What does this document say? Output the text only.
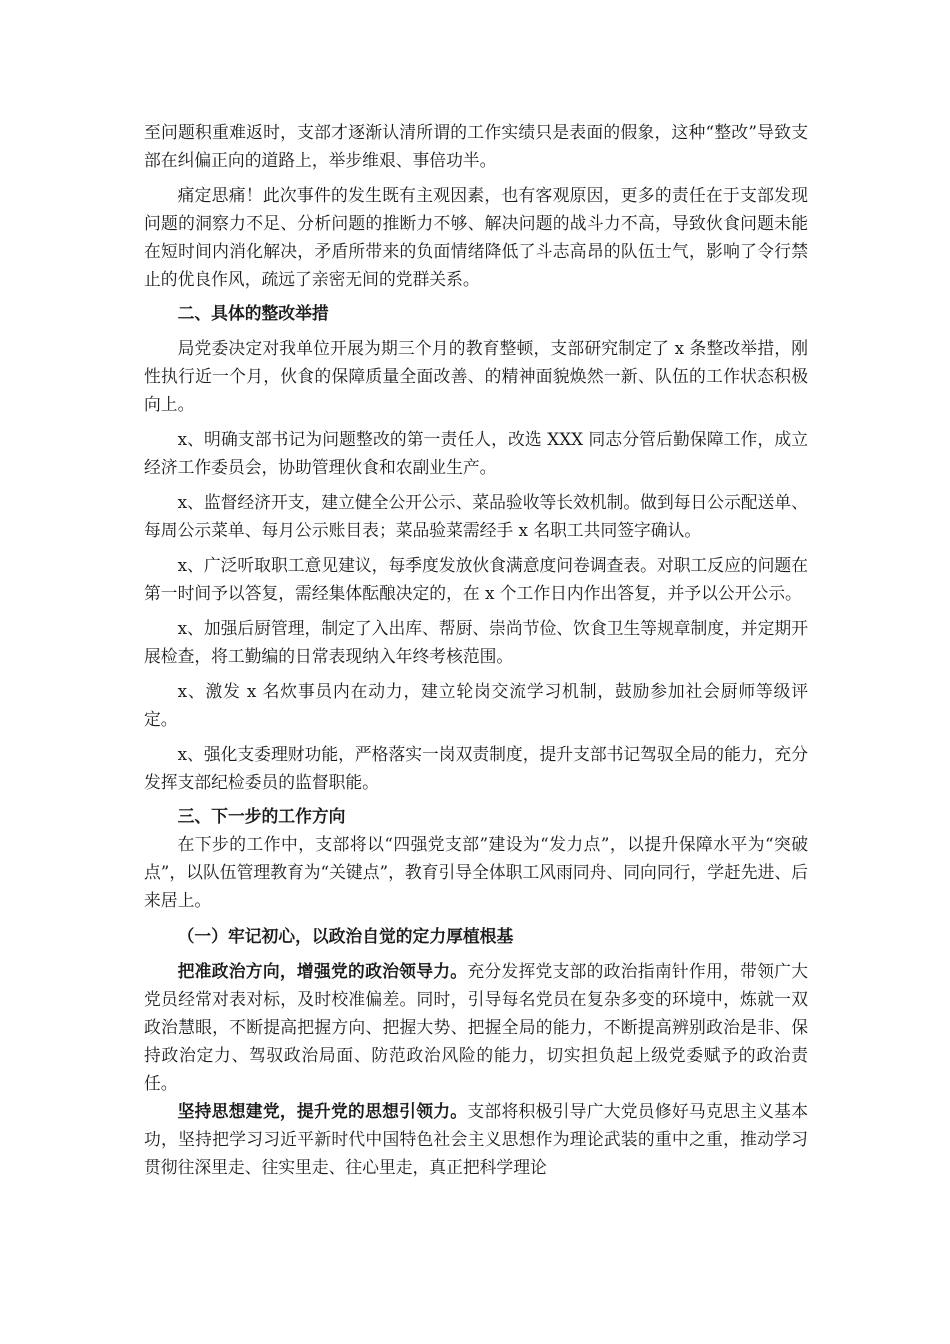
至问题积重难返时，支部才逐渐认清所谓的工作实绩只是表面的假象，这种“整改”导致支部在纠偏正向的道路上，举步维艰、事倍功半。

痛定思痛！此次事件的发生既有主观因素，也有客观原因，更多的责任在于支部发现问题的洞察力不足、分析问题的推断力不够、解决问题的战斗力不高，导致伙食问题未能在短时间内消化解决，矛盾所带来的负面情绪降低了斗志高昂的队伍士气，影响了令行禁止的优良作风，疏远了亲密无间的党群关系。

二、具体的整改举措

局党委决定对我单位开展为期三个月的教育整顿，支部研究制定了 x 条整改举措，刚性执行近一个月，伙食的保障质量全面改善、的精神面貌焕然一新、队伍的工作状态积极向上。

x、明确支部书记为问题整改的第一责任人，改选 XXX 同志分管后勤保障工作，成立经济工作委员会，协助管理伙食和农副业生产。

x、监督经济开支，建立健全公开公示、菜品验收等长效机制。做到每日公示配送单、每周公示菜单、每月公示账目表；菜品验菜需经手 x 名职工共同签字确认。

x、广泛听取职工意见建议，每季度发放伙食满意度问卷调查表。对职工反应的问题在第一时间予以答复，需经集体酝酿决定的，在 x 个工作日内作出答复，并予以公开公示。

x、加强后厨管理，制定了入出库、帮厨、崇尚节俭、饮食卫生等规章制度，并定期开展检查，将工勤编的日常表现纳入年终考核范围。

x、激发 x 名炊事员内在动力，建立轮岗交流学习机制，鼓励参加社会厨师等级评定。

x、强化支委理财功能，严格落实一岗双责制度，提升支部书记驾驭全局的能力，充分发挥支部纪检委员的监督职能。

三、下一步的工作方向

在下步的工作中，支部将以“四强党支部”建设为“发力点”，以提升保障水平为“突破点”，以队伍管理教育为“关键点”，教育引导全体职工风雨同舟、同向同行，学赶先进、后来居上。

（一）牢记初心，以政治自觉的定力厚植根基

把准政治方向，增强党的政治领导力。充分发挥党支部的政治指南针作用，带领广大党员经常对表对标，及时校准偏差。同时，引导每名党员在复杂多变的环境中，炼就一双政治慧眼，不断提高把握方向、把握大势、把握全局的能力，不断提高辨别政治是非、保持政治定力、驾驭政治局面、防范政治风险的能力，切实担负起上级党委赋予的政治责任。

坚持思想建党，提升党的思想引领力。支部将积极引导广大党员修好马克思主义基本功，坚持把学习习近平新时代中国特色社会主义思想作为理论武装的重中之重，推动学习贯彻往深里走、往实里走、往心里走，真正把科学理论
